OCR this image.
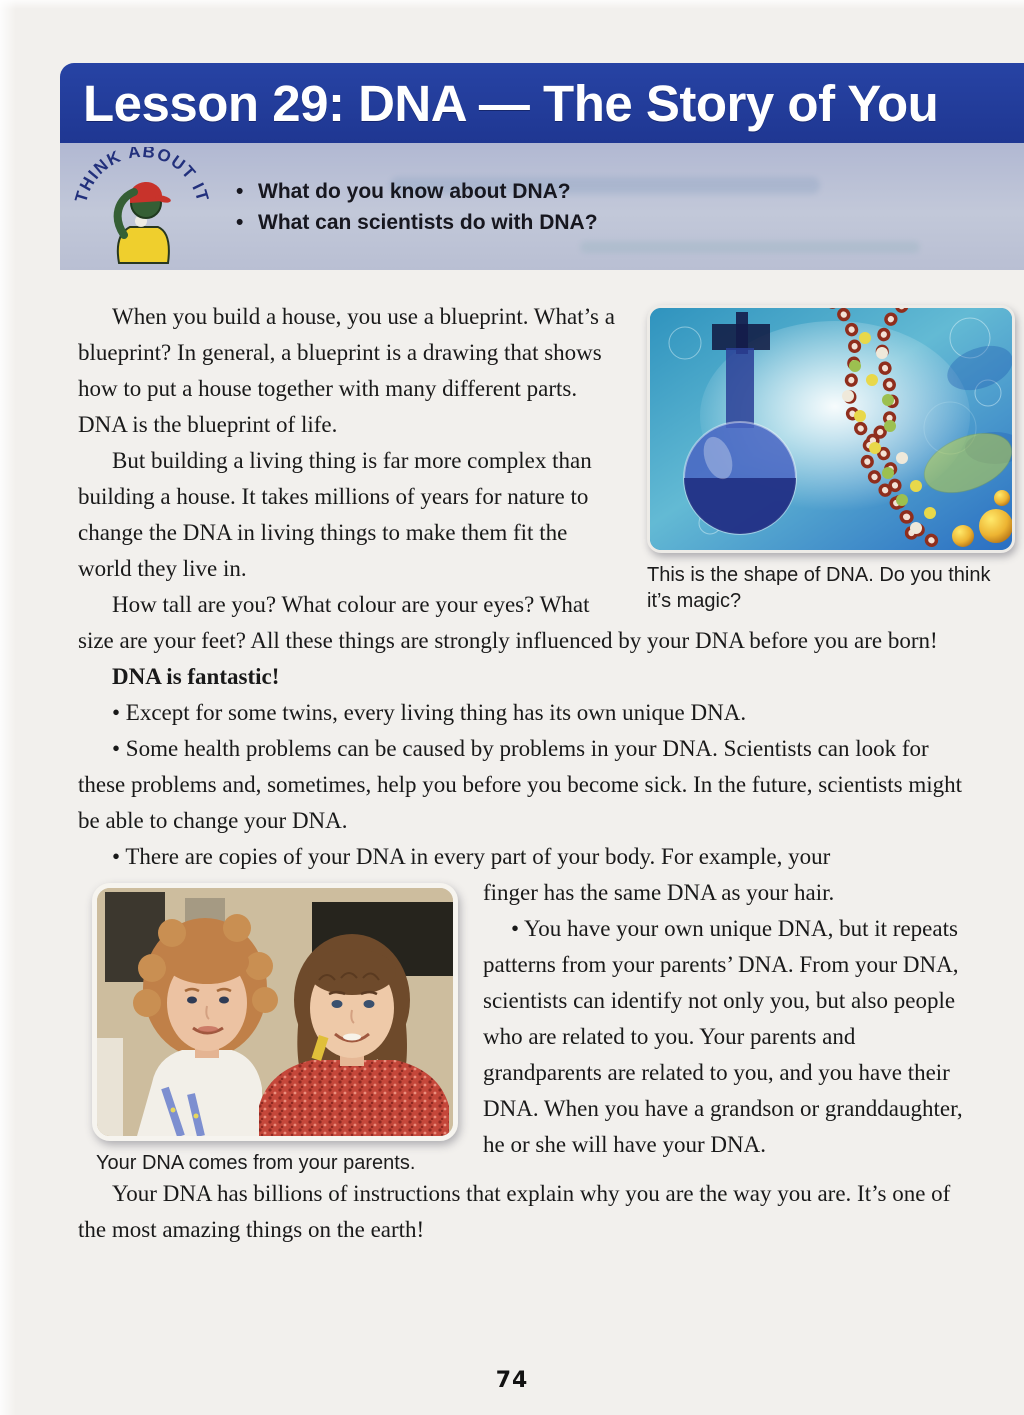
Lesson 29: DNA — The Story of You
THINK ABOUT IT • What do you know about DNA?
• What can scientists do with DNA?
This is the shape of DNA. Do you think it’s magic?

When you build a house, you use a blueprint. What’s a blueprint? In general, a blueprint is a drawing that shows how to put a house together with many different parts. DNA is the blueprint of life.

But building a living thing is far more complex than building a house. It takes millions of years for nature to change the DNA in living things to make them fit the world they live in.

How tall are you? What colour are your eyes? What size are your feet? All these things are strongly influenced by your DNA before you are born!

DNA is fantastic!

• Except for some twins, every living thing has its own unique DNA.

• Some health problems can be caused by problems in your DNA. Scientists can look for these problems and, sometimes, help you before you become sick. In the future, scientists might be able to change your DNA.

• There are copies of your DNA in every part of your body. For example, your

Your DNA comes from your parents.

finger has the same DNA as your hair.

• You have your own unique DNA, but it repeats patterns from your parents’ DNA. From your DNA, scientists can identify not only you, but also people who are related to you. Your parents and grandparents are related to you, and you have their DNA. When you have a grandson or granddaughter, he or she will have your DNA.

Your DNA has billions of instructions that explain why you are the way you are. It’s one of the most amazing things on the earth!

74
